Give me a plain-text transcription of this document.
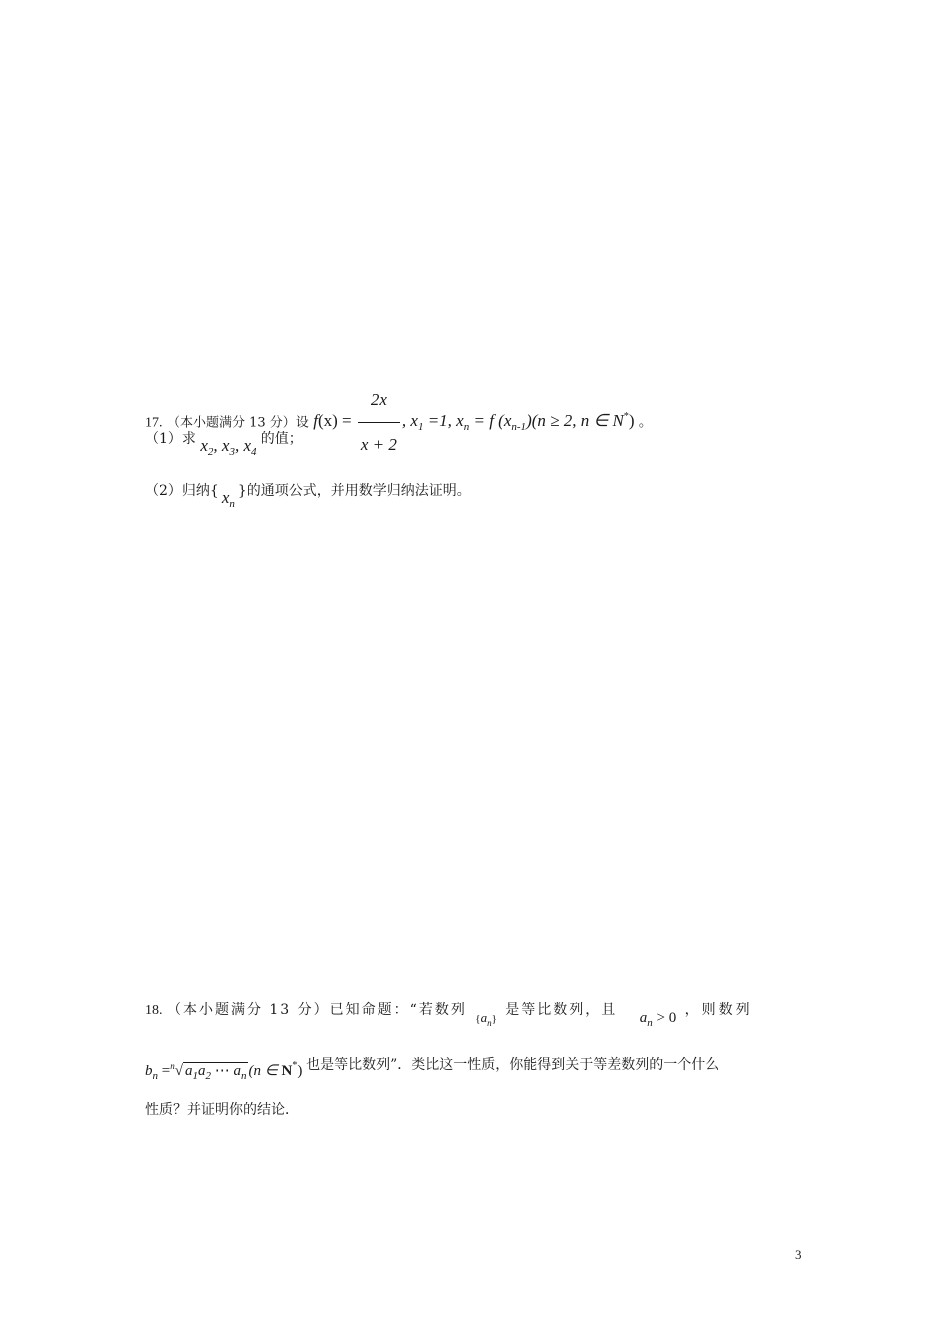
17. （本小题满分 13 分）设 $f(x) = \frac{2x}{x + 2}$ , $x_1 =1$, $x_n = f$ $(x_{n-1})(n \ge 2$, n ∈ N*) 。
（1）求 $x_2$, $x_3$, $x_4$ 的值；
（2）归纳{ $x_n$}的通项公式，并用数学归纳法证明。
18. （本小题满分 13 分）已知命题：“若数列 $\{a_n\}$ 是等比数列，且 $a_n > 0$ ，则数列
$b_n =^n√$ $a_1a_2$ ⋯ $a_n$ (n ∈ N*) 也是等比数列”．类比这一性质，你能得到关于等差数列的一个什么
性质？并证明你的结论．
3
